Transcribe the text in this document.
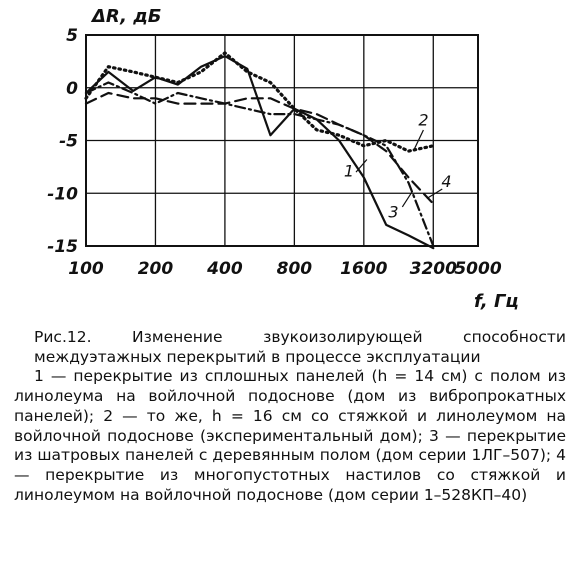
1
2
3
4
5
0
-5
-10
-15
100 200 400 800 1600 3200
5000
ΔR, дБ
f, Гц

Рис.12. Изменение звукоизолирующей способности междуэтажных перекрытий в процессе эксплуатации

1 — перекрытие из сплошных панелей (h = 14 см) с полом из линолеума на войлочной подоснове (дом из вибропрокатных панелей); 2 — то же, h = 16 см со стяжкой и линолеумом на войлочной подоснове (экспериментальный дом); 3 — перекрытие из шатровых панелей с деревянным полом (дом серии 1ЛГ–507); 4 — перекрытие из многопустотных настилов со стяжкой и линолеумом на войлочной подоснове (дом серии 1–528КП–40)
